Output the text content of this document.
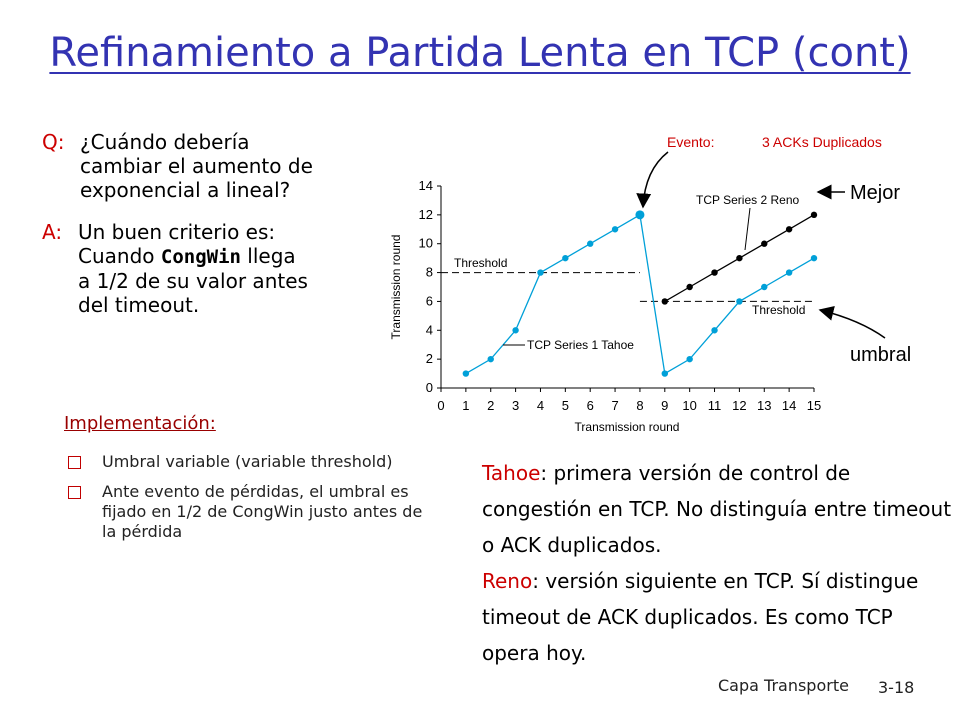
Refinamiento a Partida Lenta en TCP (cont)
Q: ¿Cuándo debería
cambiar el aumento de
exponencial a lineal?
A: Un buen criterio es:
Cuando CongWin llega
a 1/2 de su valor antes
del timeout.
Implementación:
Umbral variable (variable threshold)
Ante evento de pérdidas, el umbral es fijado en 1/2 de CongWin justo antes de la pérdida
Tahoe: primera versión de control de congestión en TCP. No distinguía entre timeout o ACK duplicados.
Reno: versión siguiente en TCP. Sí distingue timeout de ACK duplicados. Es como TCP opera hoy.
Evento:	3 ACKs Duplicados
0 1 2 3 4 5 6 7 8 9 10 11 12 13 14 15
0
2
4
6
8
10
12
14
Transmission round
Transmission round
Threshold
Threshold
TCP Series 2 Reno
TCP Series 1 Tahoe
Mejor
umbral
Capa Transporte 3-18
